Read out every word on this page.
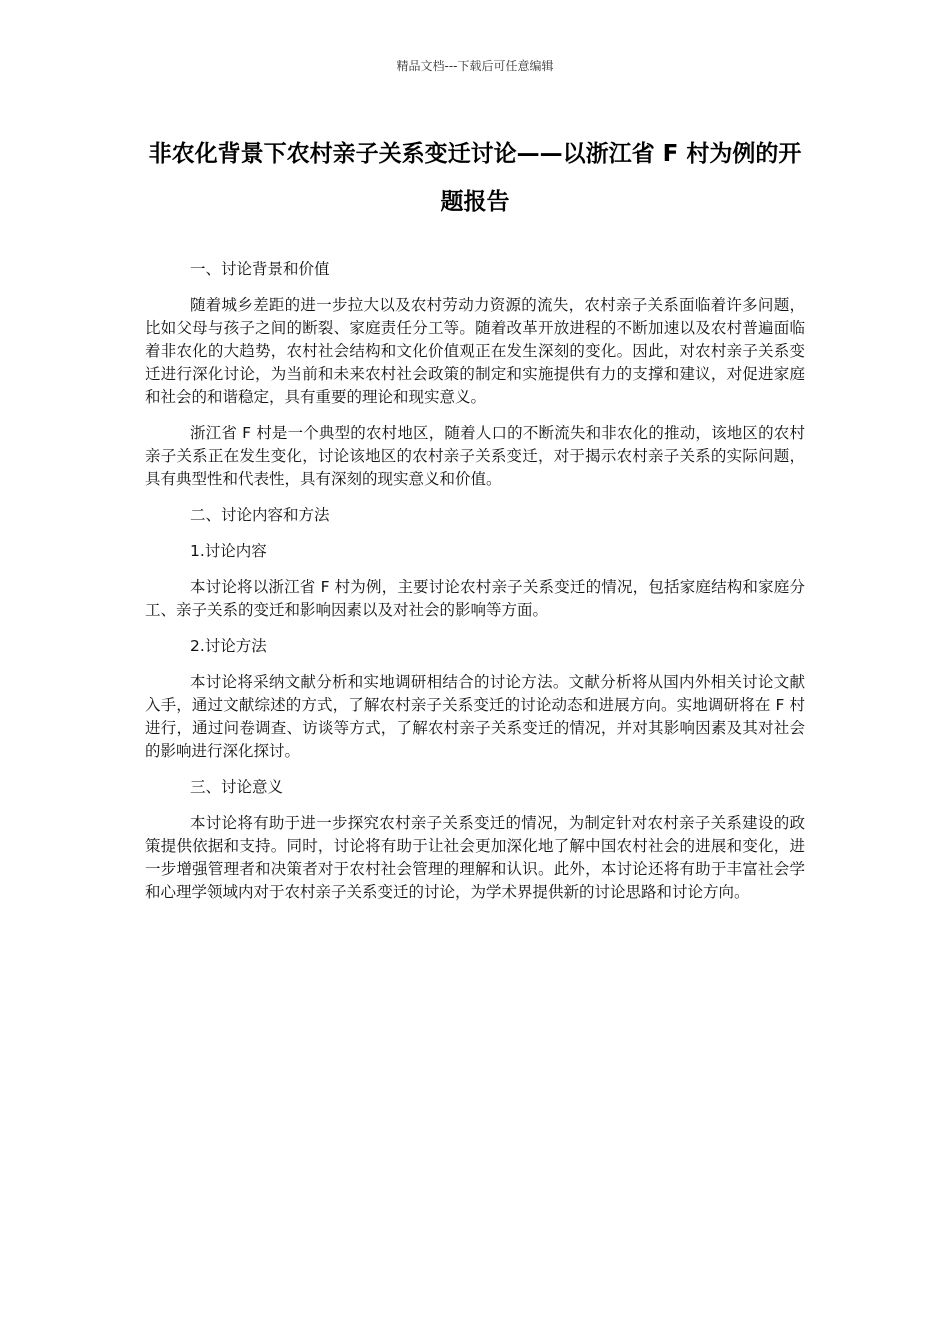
精品文档---下载后可任意编辑
非农化背景下农村亲子关系变迁讨论——以浙江省 F 村为例的开题报告

一、讨论背景和价值

随着城乡差距的进一步拉大以及农村劳动力资源的流失，农村亲子关系面临着许多问题，比如父母与孩子之间的断裂、家庭责任分工等。随着改革开放进程的不断加速以及农村普遍面临着非农化的大趋势，农村社会结构和文化价值观正在发生深刻的变化。因此，对农村亲子关系变迁进行深化讨论，为当前和未来农村社会政策的制定和实施提供有力的支撑和建议，对促进家庭和社会的和谐稳定，具有重要的理论和现实意义。

浙江省 F 村是一个典型的农村地区，随着人口的不断流失和非农化的推动，该地区的农村亲子关系正在发生变化，讨论该地区的农村亲子关系变迁，对于揭示农村亲子关系的实际问题，具有典型性和代表性，具有深刻的现实意义和价值。

二、讨论内容和方法

1.讨论内容

本讨论将以浙江省 F 村为例，主要讨论农村亲子关系变迁的情况，包括家庭结构和家庭分工、亲子关系的变迁和影响因素以及对社会的影响等方面。

2.讨论方法

本讨论将采纳文献分析和实地调研相结合的讨论方法。文献分析将从国内外相关讨论文献入手，通过文献综述的方式，了解农村亲子关系变迁的讨论动态和进展方向。实地调研将在 F 村进行，通过问卷调查、访谈等方式，了解农村亲子关系变迁的情况，并对其影响因素及其对社会的影响进行深化探讨。

三、讨论意义

本讨论将有助于进一步探究农村亲子关系变迁的情况，为制定针对农村亲子关系建设的政策提供依据和支持。同时，讨论将有助于让社会更加深化地了解中国农村社会的进展和变化，进一步增强管理者和决策者对于农村社会管理的理解和认识。此外，本讨论还将有助于丰富社会学和心理学领域内对于农村亲子关系变迁的讨论，为学术界提供新的讨论思路和讨论方向。
